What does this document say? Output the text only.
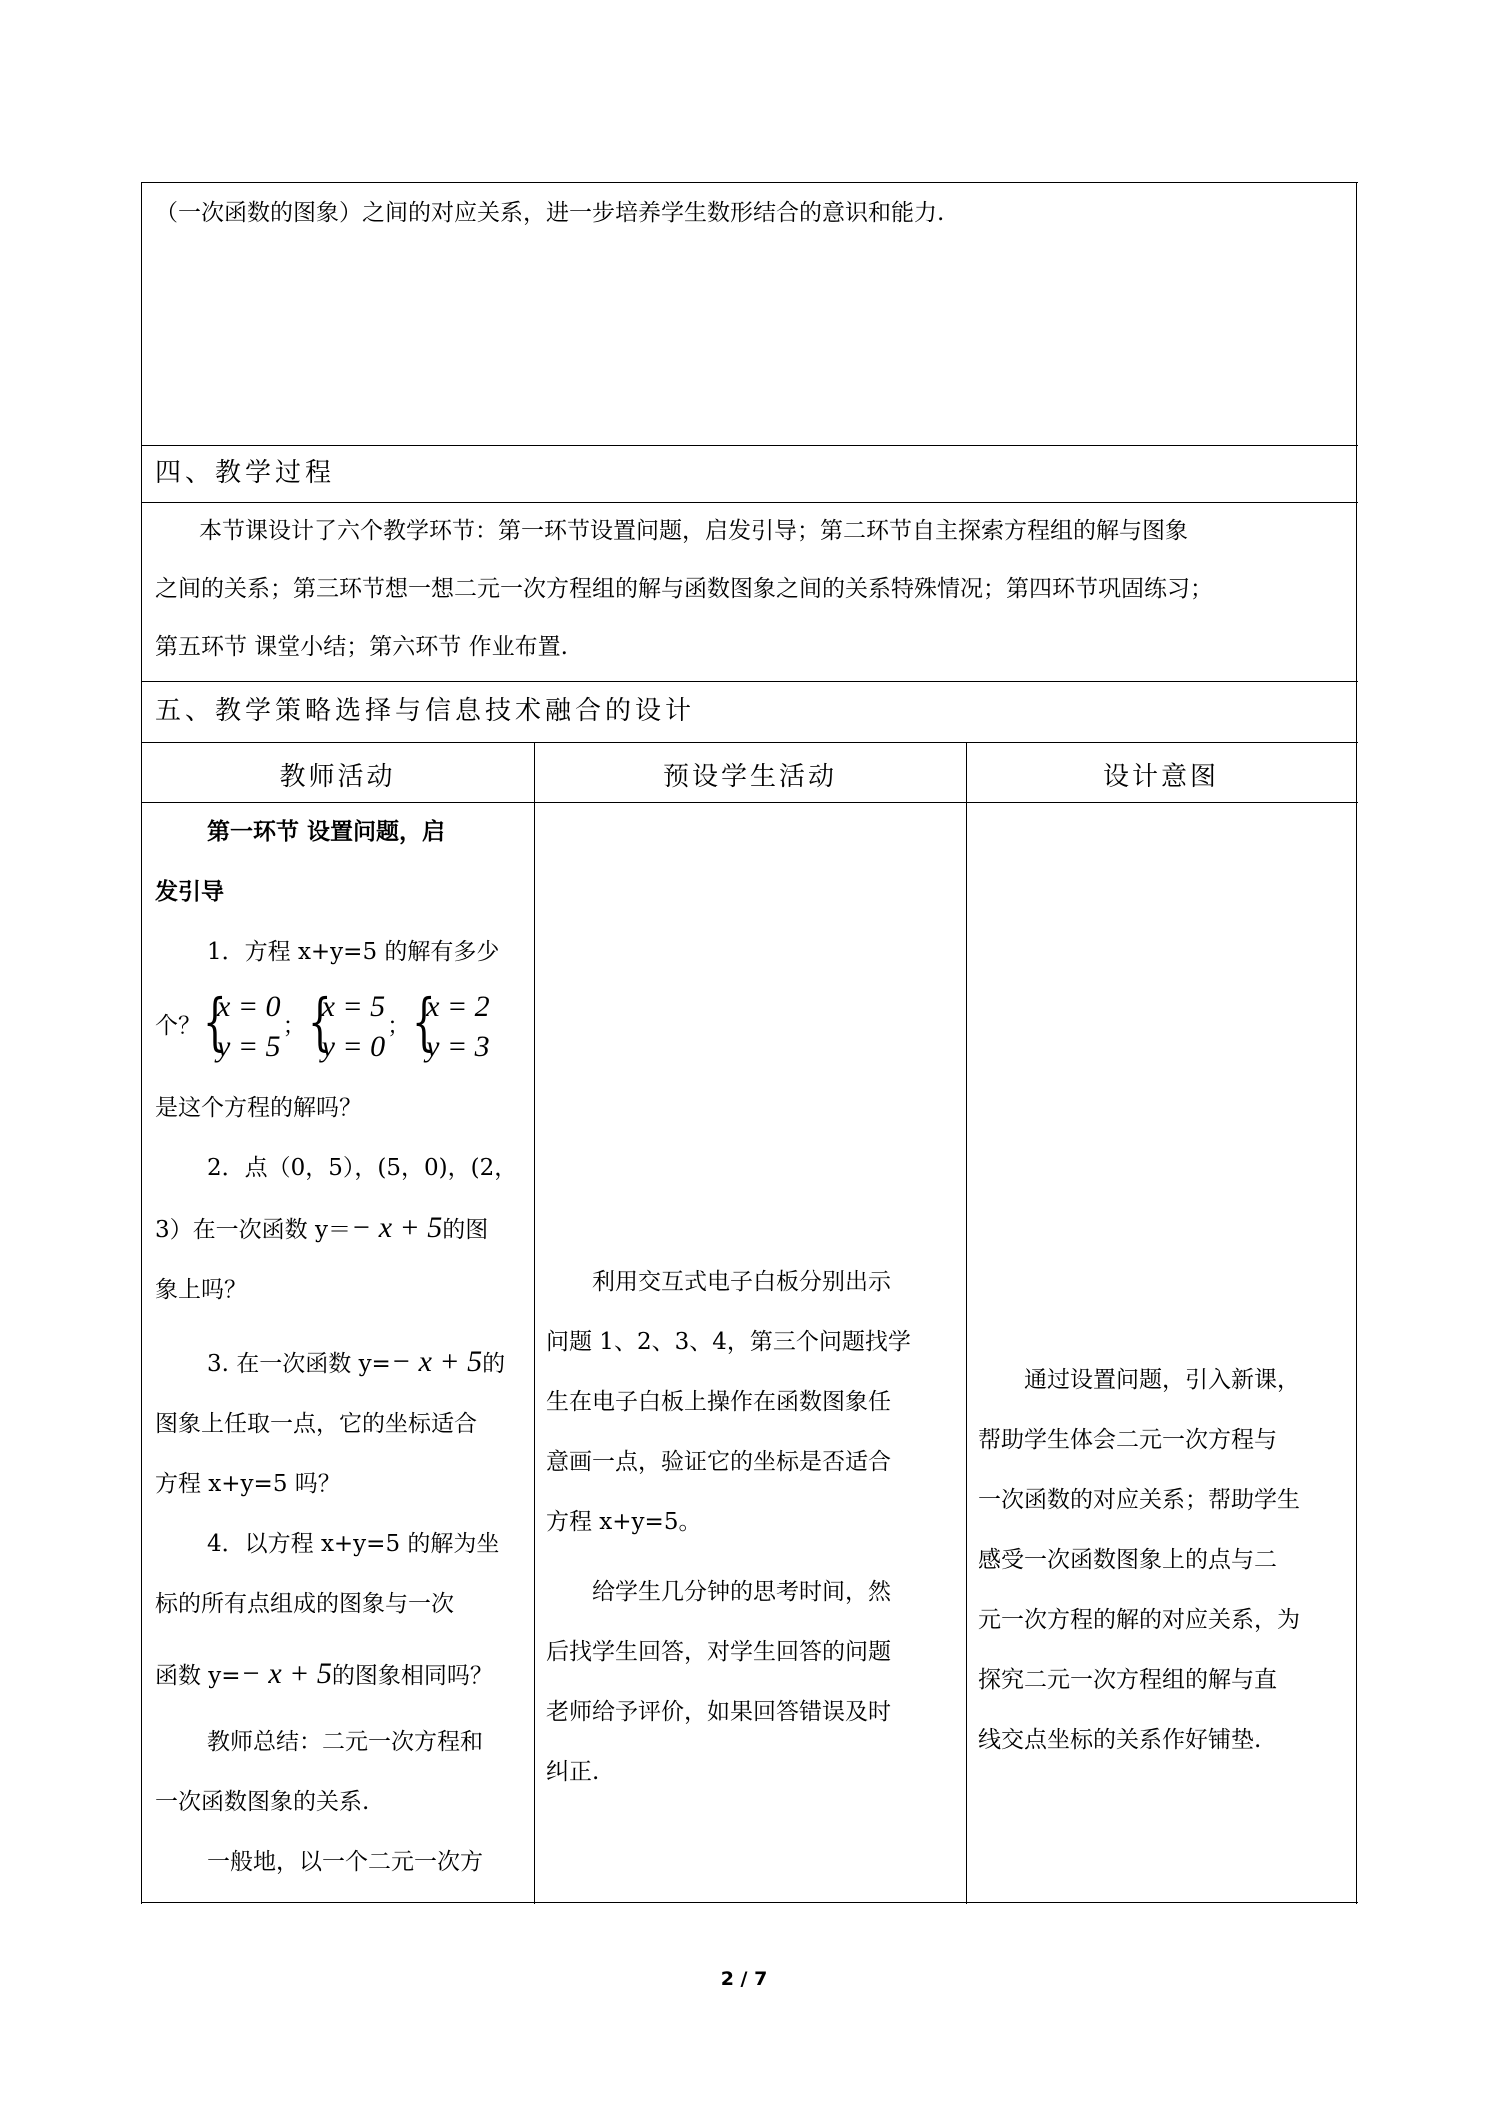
（一次函数的图象）之间的对应关系，进一步培养学生数形结合的意识和能力.
四、教学过程
本节课设计了六个教学环节：第一环节设置问题，启发引导；第二环节自主探索方程组的解与图象
之间的关系；第三环节想一想二元一次方程组的解与函数图象之间的关系特殊情况；第四环节巩固练习；
第五环节 课堂小结；第六环节 作业布置.
五、教学策略选择与信息技术融合的设计
教师活动	预设学生活动	设计意图

第一环节 设置问题，启

发引导

1．方程 x+y=5 的解有多少

个？ {
x = 0
y = 5
； {
x = 5
y = 0
； {
x = 2
y = 3

是这个方程的解吗？

2．点（0，5），(5，0)，(2，

3）在一次函数 y＝− x + 5的图

象上吗？

3. 在一次函数 y=− x + 5的

图象上任取一点，它的坐标适合

方程 x+y=5 吗？

4．以方程 x+y=5 的解为坐

标的所有点组成的图象与一次

函数 y=− x + 5的图象相同吗？

教师总结：二元一次方程和

一次函数图象的关系.

一般地，以一个二元一次方

利用交互式电子白板分别出示

问题 1、2、3、4，第三个问题找学

生在电子白板上操作在函数图象任

意画一点，验证它的坐标是否适合

方程 x+y=5。

给学生几分钟的思考时间，然

后找学生回答，对学生回答的问题

老师给予评价，如果回答错误及时

纠正.

通过设置问题，引入新课，

帮助学生体会二元一次方程与

一次函数的对应关系；帮助学生

感受一次函数图象上的点与二

元一次方程的解的对应关系，为

探究二元一次方程组的解与直

线交点坐标的关系作好铺垫.

2 / 7
